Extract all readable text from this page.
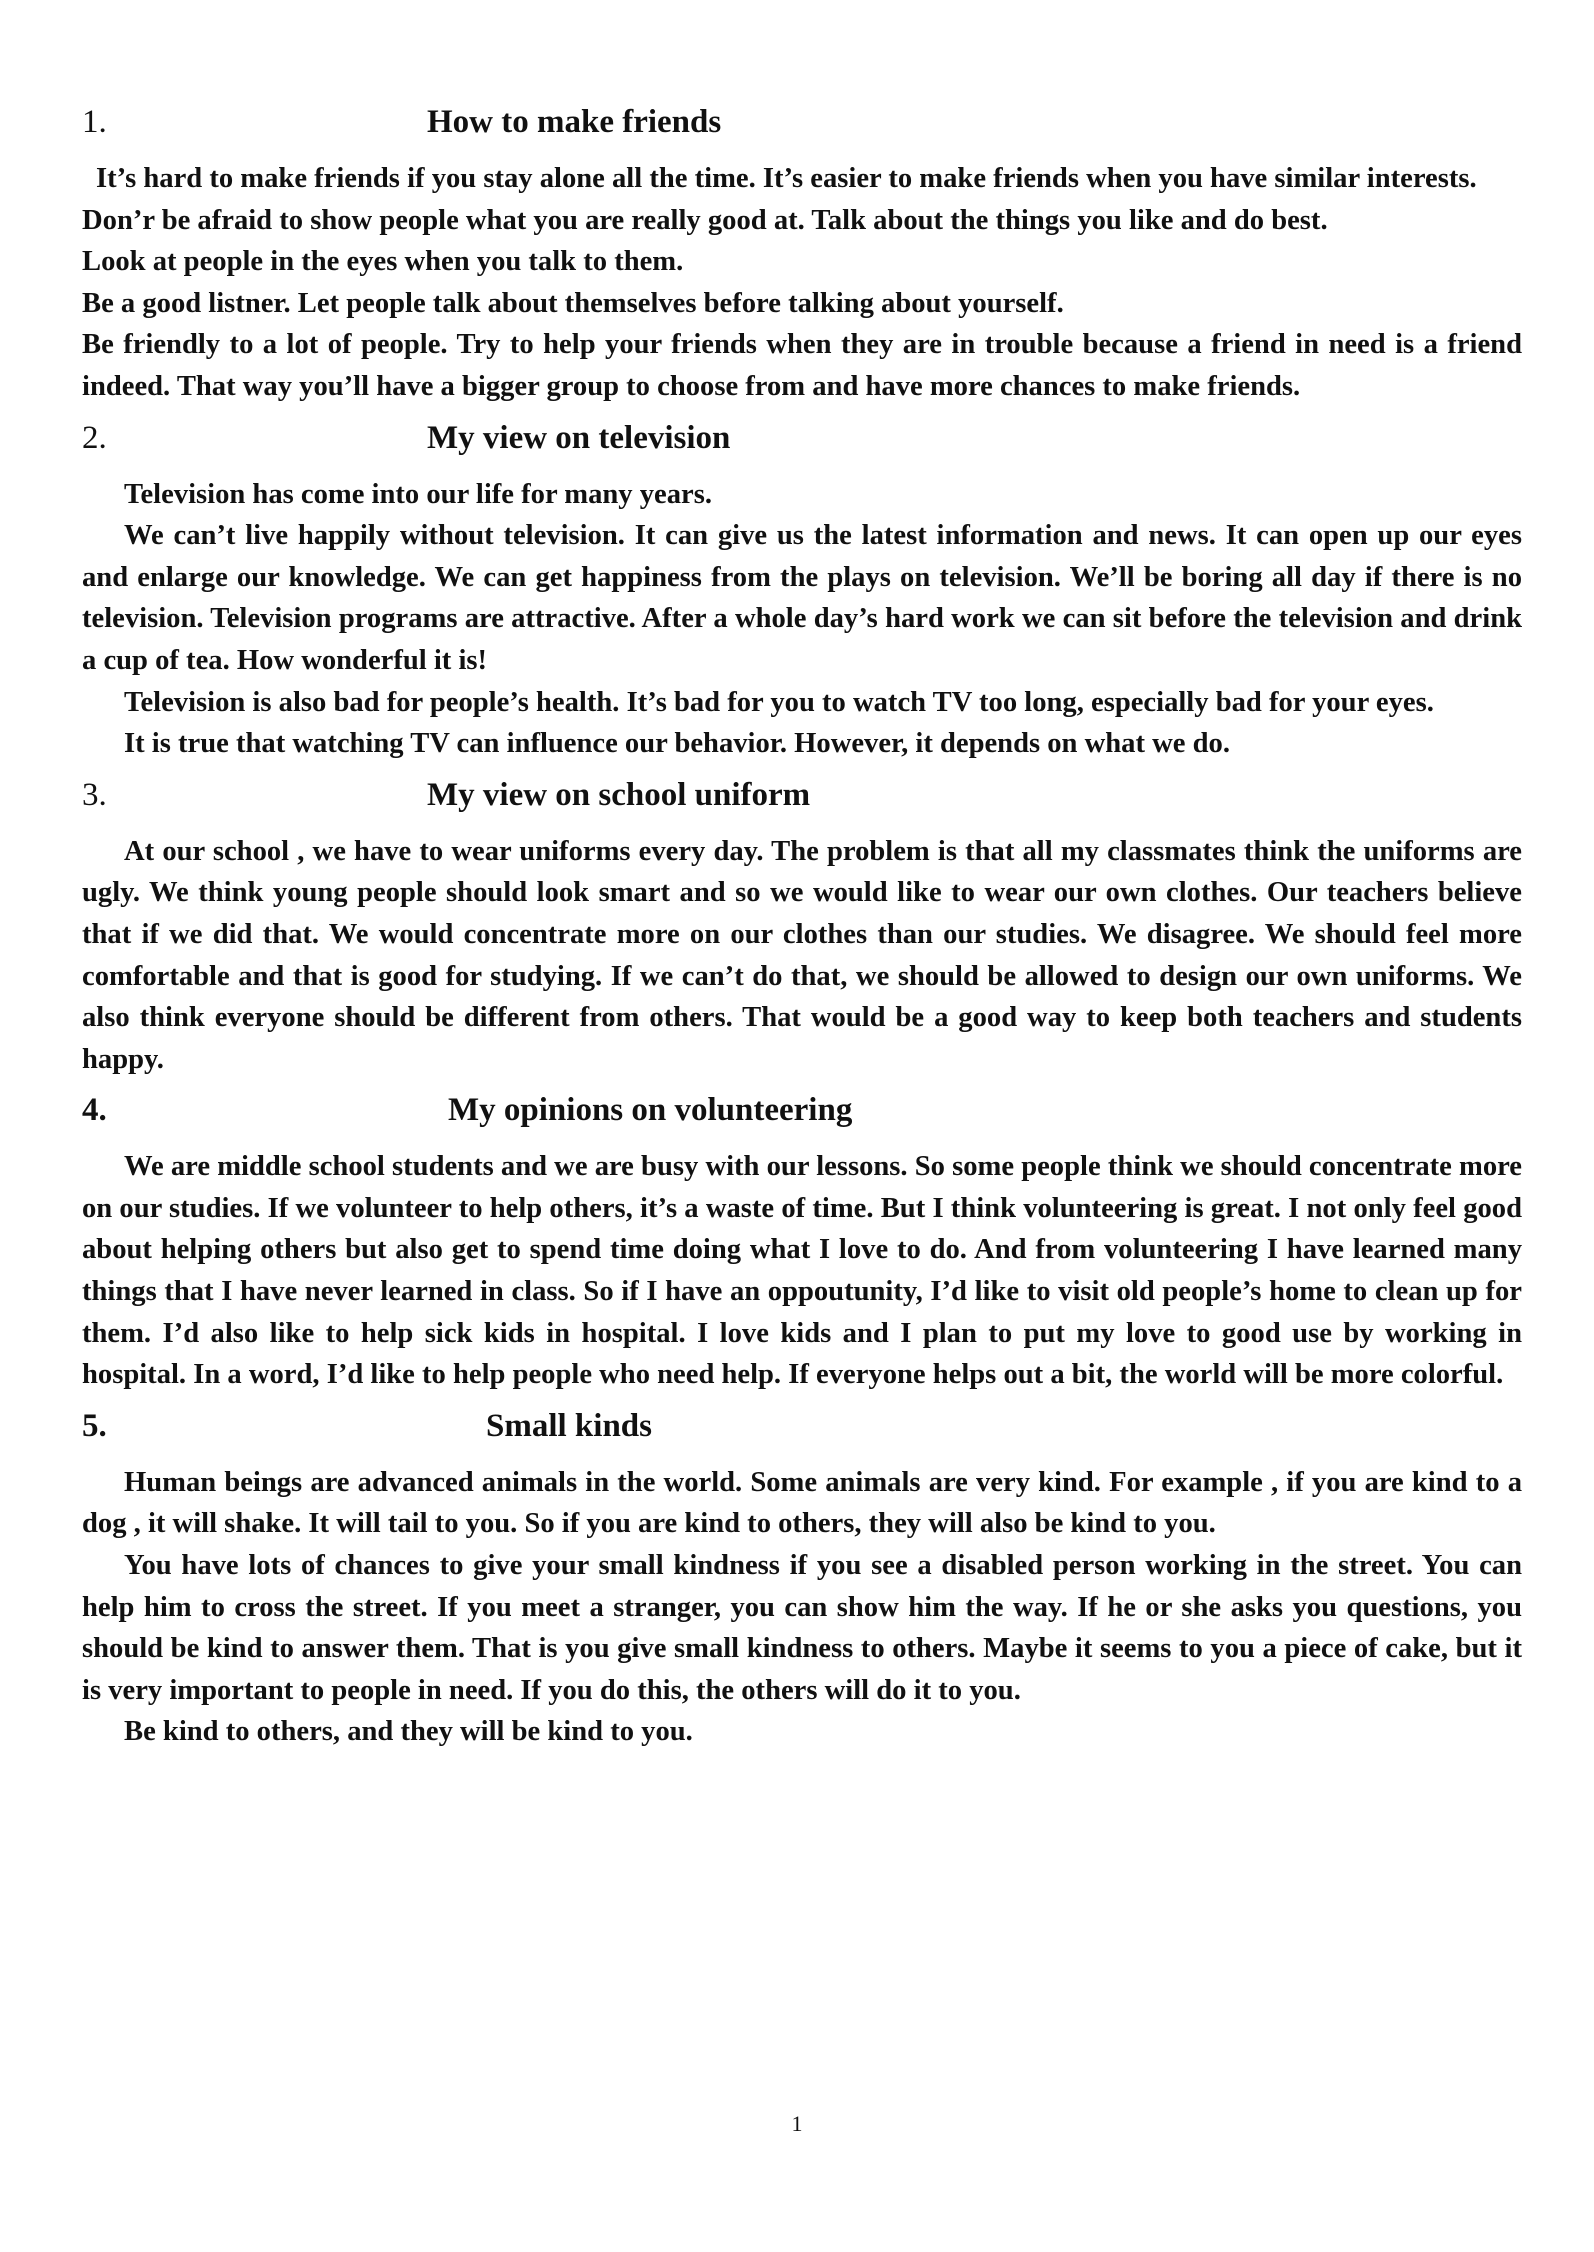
1.	How to make friends

It’s hard to make friends if you stay alone all the time. It’s easier to make friends when you have similar interests.

Don’r be afraid to show people what you are really good at. Talk about the things you like and do best.

Look at people in the eyes when you talk to them.

Be a good listner. Let people talk about themselves before talking about yourself.

Be friendly to a lot of people. Try to help your friends when they are in trouble because a friend in need is a friend indeed. That way you’ll have a bigger group to choose from and have more chances to make friends.

2.	My view on television

Television has come into our life for many years.

We can’t live happily without television. It can give us the latest information and news. It can open up our eyes and enlarge our knowledge. We can get happiness from the plays on television. We’ll be boring all day if there is no television. Television programs are attractive. After a whole day’s hard work we can sit before the television and drink a cup of tea. How wonderful it is!

Television is also bad for people’s health. It’s bad for you to watch TV too long, especially bad for your eyes.

It is true that watching TV can influence our behavior. However, it depends on what we do.

3.	My view on school uniform

At our school , we have to wear uniforms every day. The problem is that all my classmates think the uniforms are ugly. We think young people should look smart and so we would like to wear our own clothes. Our teachers believe that if we did that. We would concentrate more on our clothes than our studies. We disagree. We should feel more comfortable and that is good for studying. If we can’t do that, we should be allowed to design our own uniforms. We also think everyone should be different from others. That would be a good way to keep both teachers and students happy.

4.	My opinions on volunteering

We are middle school students and we are busy with our lessons. So some people think we should concentrate more on our studies. If we volunteer to help others, it’s a waste of time. But I think volunteering is great. I not only feel good about helping others but also get to spend time doing what I love to do. And from volunteering I have learned many things that I have never learned in class. So if I have an oppoutunity, I’d like to visit old people’s home to clean up for them. I’d also like to help sick kids in hospital. I love kids and I plan to put my love to good use by working in hospital. In a word, I’d like to help people who need help. If everyone helps out a bit, the world will be more colorful.

5.	Small kinds

Human beings are advanced animals in the world. Some animals are very kind. For example , if you are kind to a dog , it will shake. It will tail to you. So if you are kind to others, they will also be kind to you.

You have lots of chances to give your small kindness if you see a disabled person working in the street. You can help him to cross the street. If you meet a stranger, you can show him the way. If he or she asks you questions, you should be kind to answer them. That is you give small kindness to others. Maybe it seems to you a piece of cake, but it is very important to people in need. If you do this, the others will do it to you.

Be kind to others, and they will be kind to you.

1
